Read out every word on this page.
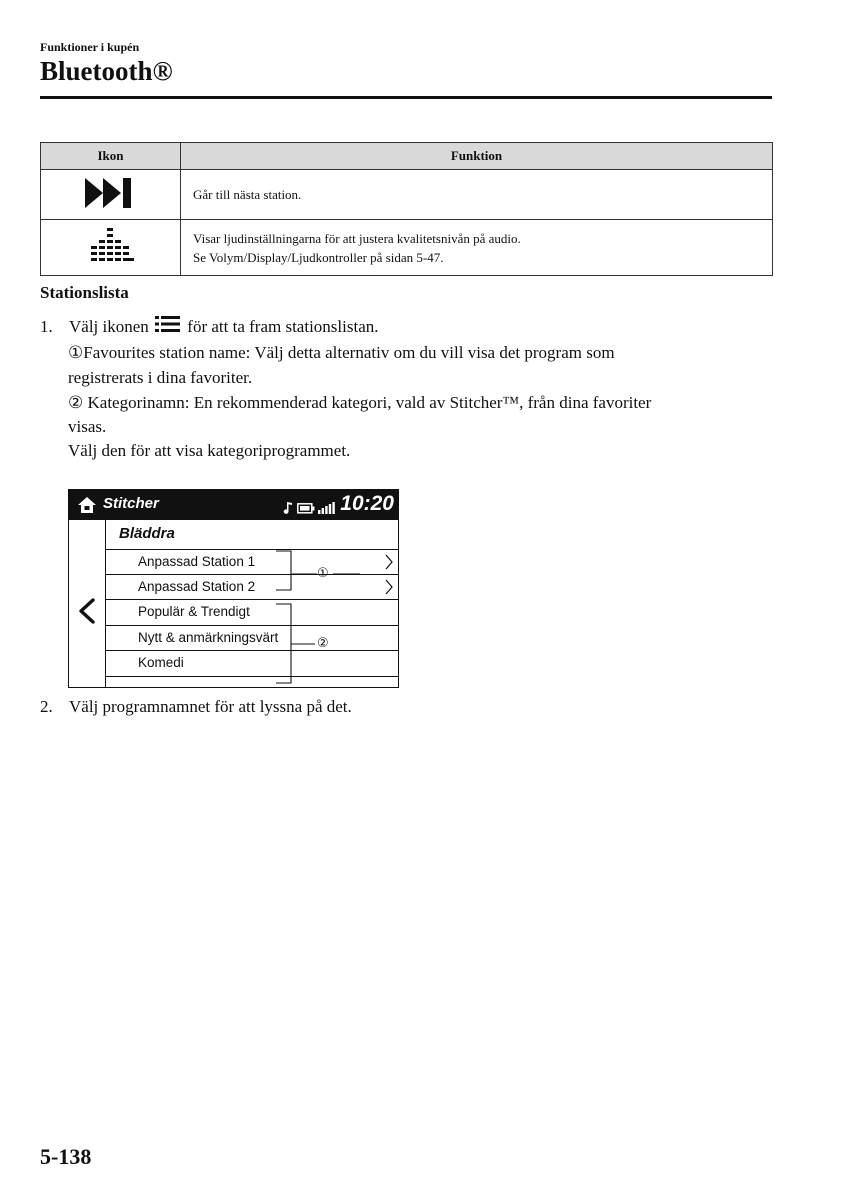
Funktioner i kupén
Bluetooth®
Ikon	Funktion

Går till nästa station.

Visar ljudinställningarna för att justera kvalitetsnivån på audio.
Se Volym/Display/Ljudkontroller på sidan 5-47.
Stationslista
1. Välj ikonen för att ta fram stationslistan.
①Favourites station name: Välj detta alternativ om du vill visa det program som
registrerats i dina favoriter.
② Kategorinamn: En rekommenderad kategori, vald av Stitcher™, från dina favoriter
visas.
Välj den för att visa kategoriprogrammet.
Stitcher	10:20
Bläddra
Anpassad Station 1
Anpassad Station 2
Populär & Trendigt
Nytt & anmärkningsvärt
Komedi
①
②
2. Välj programnamnet för att lyssna på det.
5-138
